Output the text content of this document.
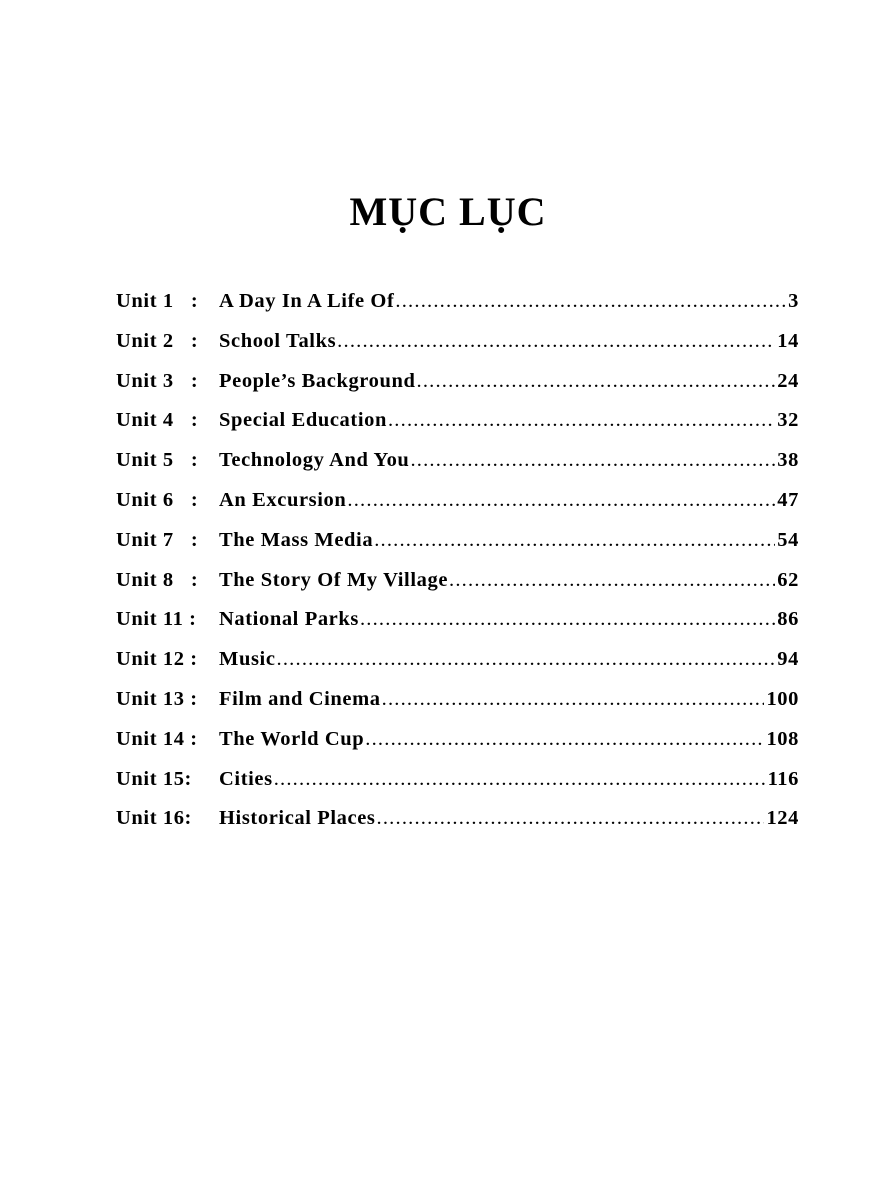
MỤC LỤC
Unit 1   :	A Day In A Life Of .....	3
Unit 2   :	School Talks .....	14
Unit 3   :	People’s Background .....	24
Unit 4   :	Special Education .....	32
Unit 5   :	Technology And You .....	38
Unit 6   :	An Excursion .....	47
Unit 7   :	The Mass Media .....	54
Unit 8   :	The Story Of My Village .....	62
Unit 11 :	National Parks .....	86
Unit 12 :	Music .....	94
Unit 13 :	Film and Cinema .....	100
Unit 14 :	The World Cup .....	108
Unit 15:	Cities .....	116
Unit 16:	Historical Places .....	124
